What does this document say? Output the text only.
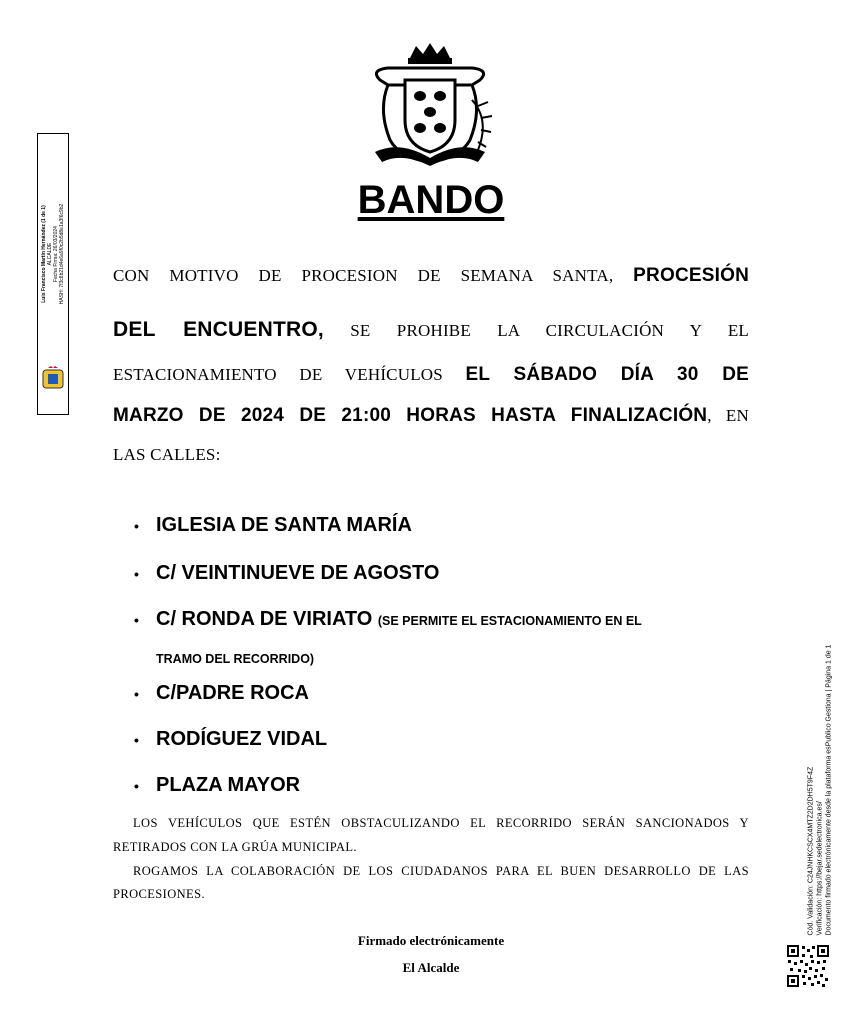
BANDO
CON MOTIVO DE PROCESION DE SEMANA SANTA, PROCESIÓN
DEL ENCUENTRO, SE PROHIBE LA CIRCULACIÓN Y EL
ESTACIONAMIENTO DE VEHÍCULOS EL SÁBADO DÍA 30 DE
MARZO DE 2024 DE 21:00 HORAS HASTA FINALIZACIÓN, EN
LAS CALLES:
• IGLESIA DE SANTA MARÍA
• C/ VEINTINUEVE DE AGOSTO
• C/ RONDA DE VIRIATO (SE PERMITE EL ESTACIONAMIENTO EN EL
TRAMO DEL RECORRIDO)
• C/PADRE ROCA
• RODÍGUEZ VIDAL
• PLAZA MAYOR
LOS VEHÍCULOS QUE ESTÉN OBSTACULIZANDO EL RECORRIDO SERÁN SANCIONADOS Y
RETIRADOS CON LA GRÚA MUNICIPAL.
ROGAMOS LA COLABORACIÓN DE LOS CIUDADANOS PARA EL BUEN DESARROLLO DE LAS
PROCESIONES.
Firmado electrónicamente
El Alcalde
Luis Francisco Martín Hernández (1 de 1) ALCALDE Fecha Firma: 26/03/2024 HASH: 7f3c8b21d4e6a9f0c2b5d8e1a3f6c9b2
Cód. Validación: C24JNHKCSCX4MTZ2D2DH5T9F4Z Verificación: https://bejar.sedelectronica.es/ Documento firmado electrónicamente desde la plataforma esPublico Gestiona | Página 1 de 1
